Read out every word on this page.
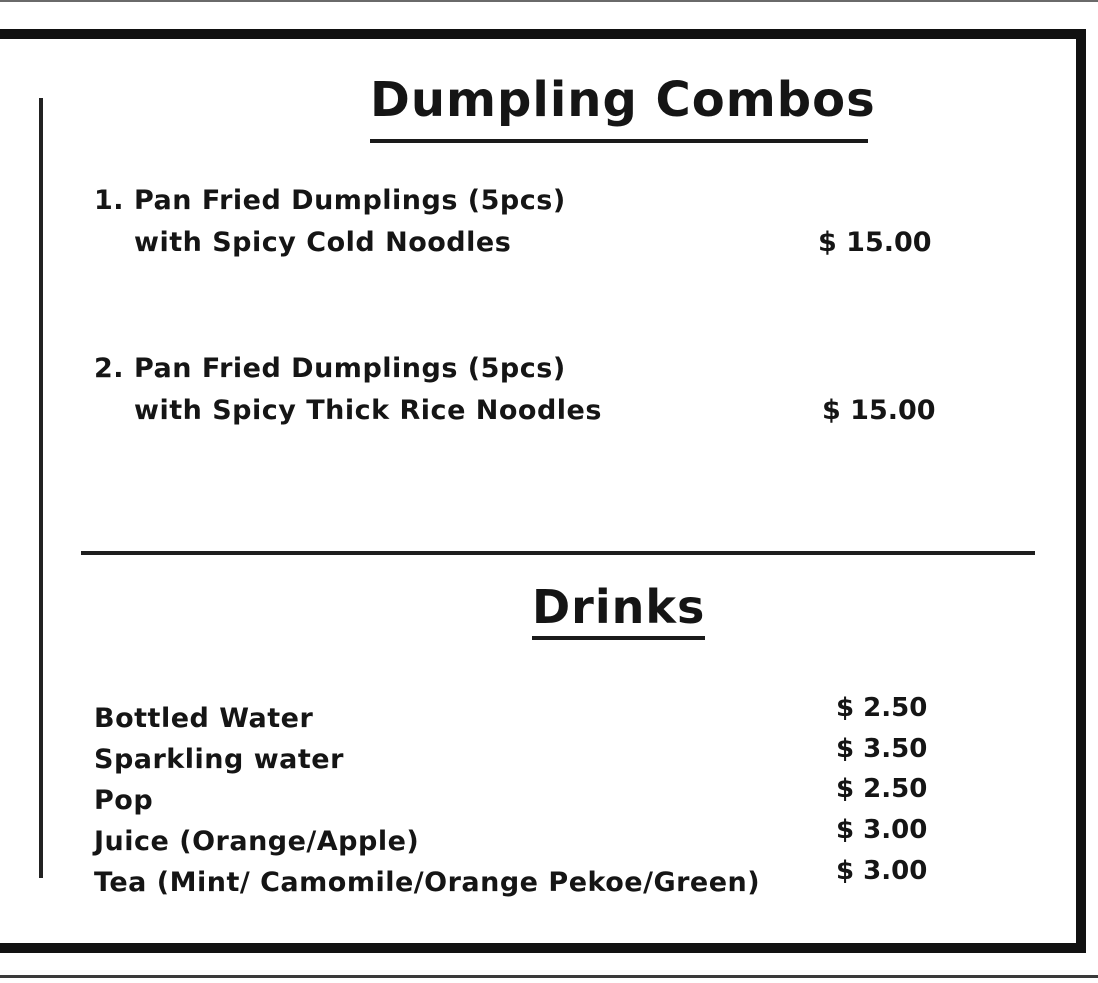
Dumpling Combos
1. Pan Fried Dumplings (5pcs)
with Spicy Cold Noodles	$ 15.00
2. Pan Fried Dumplings (5pcs)
with Spicy Thick Rice Noodles	$ 15.00
Drinks
Bottled Water	$ 2.50
Sparkling water	$ 3.50
Pop	$ 2.50
Juice (Orange/Apple)	$ 3.00
Tea (Mint/ Camomile/Orange Pekoe/Green)	$ 3.00
